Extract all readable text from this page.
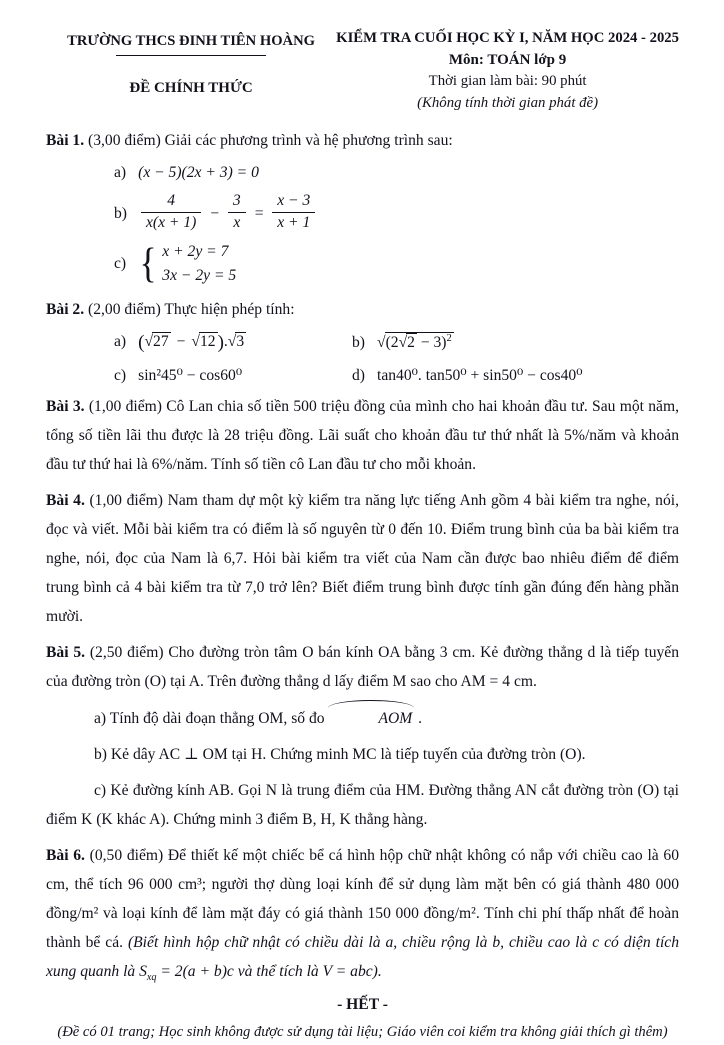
TRƯỜNG THCS ĐINH TIÊN HOÀNG
ĐỀ CHÍNH THỨC
KIỂM TRA CUỐI HỌC KỲ I, NĂM HỌC 2024 - 2025
Môn: TOÁN lớp 9
Thời gian làm bài: 90 phút
(Không tính thời gian phát đề)

Bài 1. (3,00 điểm) Giải các phương trình và hệ phương trình sau:

a) (x − 5)(2x + 3) = 0
$b) \frac{4}{x(x + 1)} - \frac{3}{x} = \frac{x - 3}{x + 1}$
c) { x + 2y = 7
3x − 2y = 5

Bài 2. (2,00 điểm) Thực hiện phép tính:

a) (√27 − √12 ).√3	b) $√(2√2 - 3)^2$
c) sin²45⁰ − cos60⁰	d) tan40⁰. tan50⁰ + sin50⁰ − cos40⁰

Bài 3. (1,00 điểm) Cô Lan chia số tiền 500 triệu đồng của mình cho hai khoản đầu tư. Sau một năm, tổng số tiền lãi thu được là 28 triệu đồng. Lãi suất cho khoản đầu tư thứ nhất là 5%/năm và khoản đầu tư thứ hai là 6%/năm. Tính số tiền cô Lan đầu tư cho mỗi khoản.

Bài 4. (1,00 điểm) Nam tham dự một kỳ kiểm tra năng lực tiếng Anh gồm 4 bài kiểm tra nghe, nói, đọc và viết. Mỗi bài kiểm tra có điểm là số nguyên từ 0 đến 10. Điểm trung bình của ba bài kiểm tra nghe, nói, đọc của Nam là 6,7. Hỏi bài kiểm tra viết của Nam cần được bao nhiêu điểm để điểm trung bình cả 4 bài kiểm tra từ 7,0 trở lên? Biết điểm trung bình được tính gần đúng đến hàng phần mười.

Bài 5. (2,50 điểm) Cho đường tròn tâm O bán kính OA bằng 3 cm. Kẻ đường thẳng d là tiếp tuyến của đường tròn (O) tại A. Trên đường thẳng d lấy điểm M sao cho AM = 4 cm.

a) Tính độ dài đoạn thẳng OM, số đo	AOM .

b) Kẻ dây AC ⊥ OM tại H. Chứng minh MC là tiếp tuyến của đường tròn (O).

c) Kẻ đường kính AB. Gọi N là trung điểm của HM. Đường thẳng AN cắt đường tròn (O) tại điểm K (K khác A). Chứng minh 3 điểm B, H, K thẳng hàng.

Bài 6. (0,50 điểm) Để thiết kế một chiếc bể cá hình hộp chữ nhật không có nắp với chiều cao là 60 cm, thể tích 96 000 cm³; người thợ dùng loại kính để sử dụng làm mặt bên có giá thành 480 000 đồng/m² và loại kính để làm mặt đáy có giá thành 150 000 đồng/m². Tính chi phí thấp nhất để hoàn thành bể cá. (Biết hình hộp chữ nhật có chiều dài là a, chiều rộng là b, chiều cao là c có diện tích xung quanh là $S_{xq} = 2(a + b)c$ và thể tích là V = abc).

- HẾT -

(Đề có 01 trang; Học sinh không được sử dụng tài liệu; Giáo viên coi kiểm tra không giải thích gì thêm)
